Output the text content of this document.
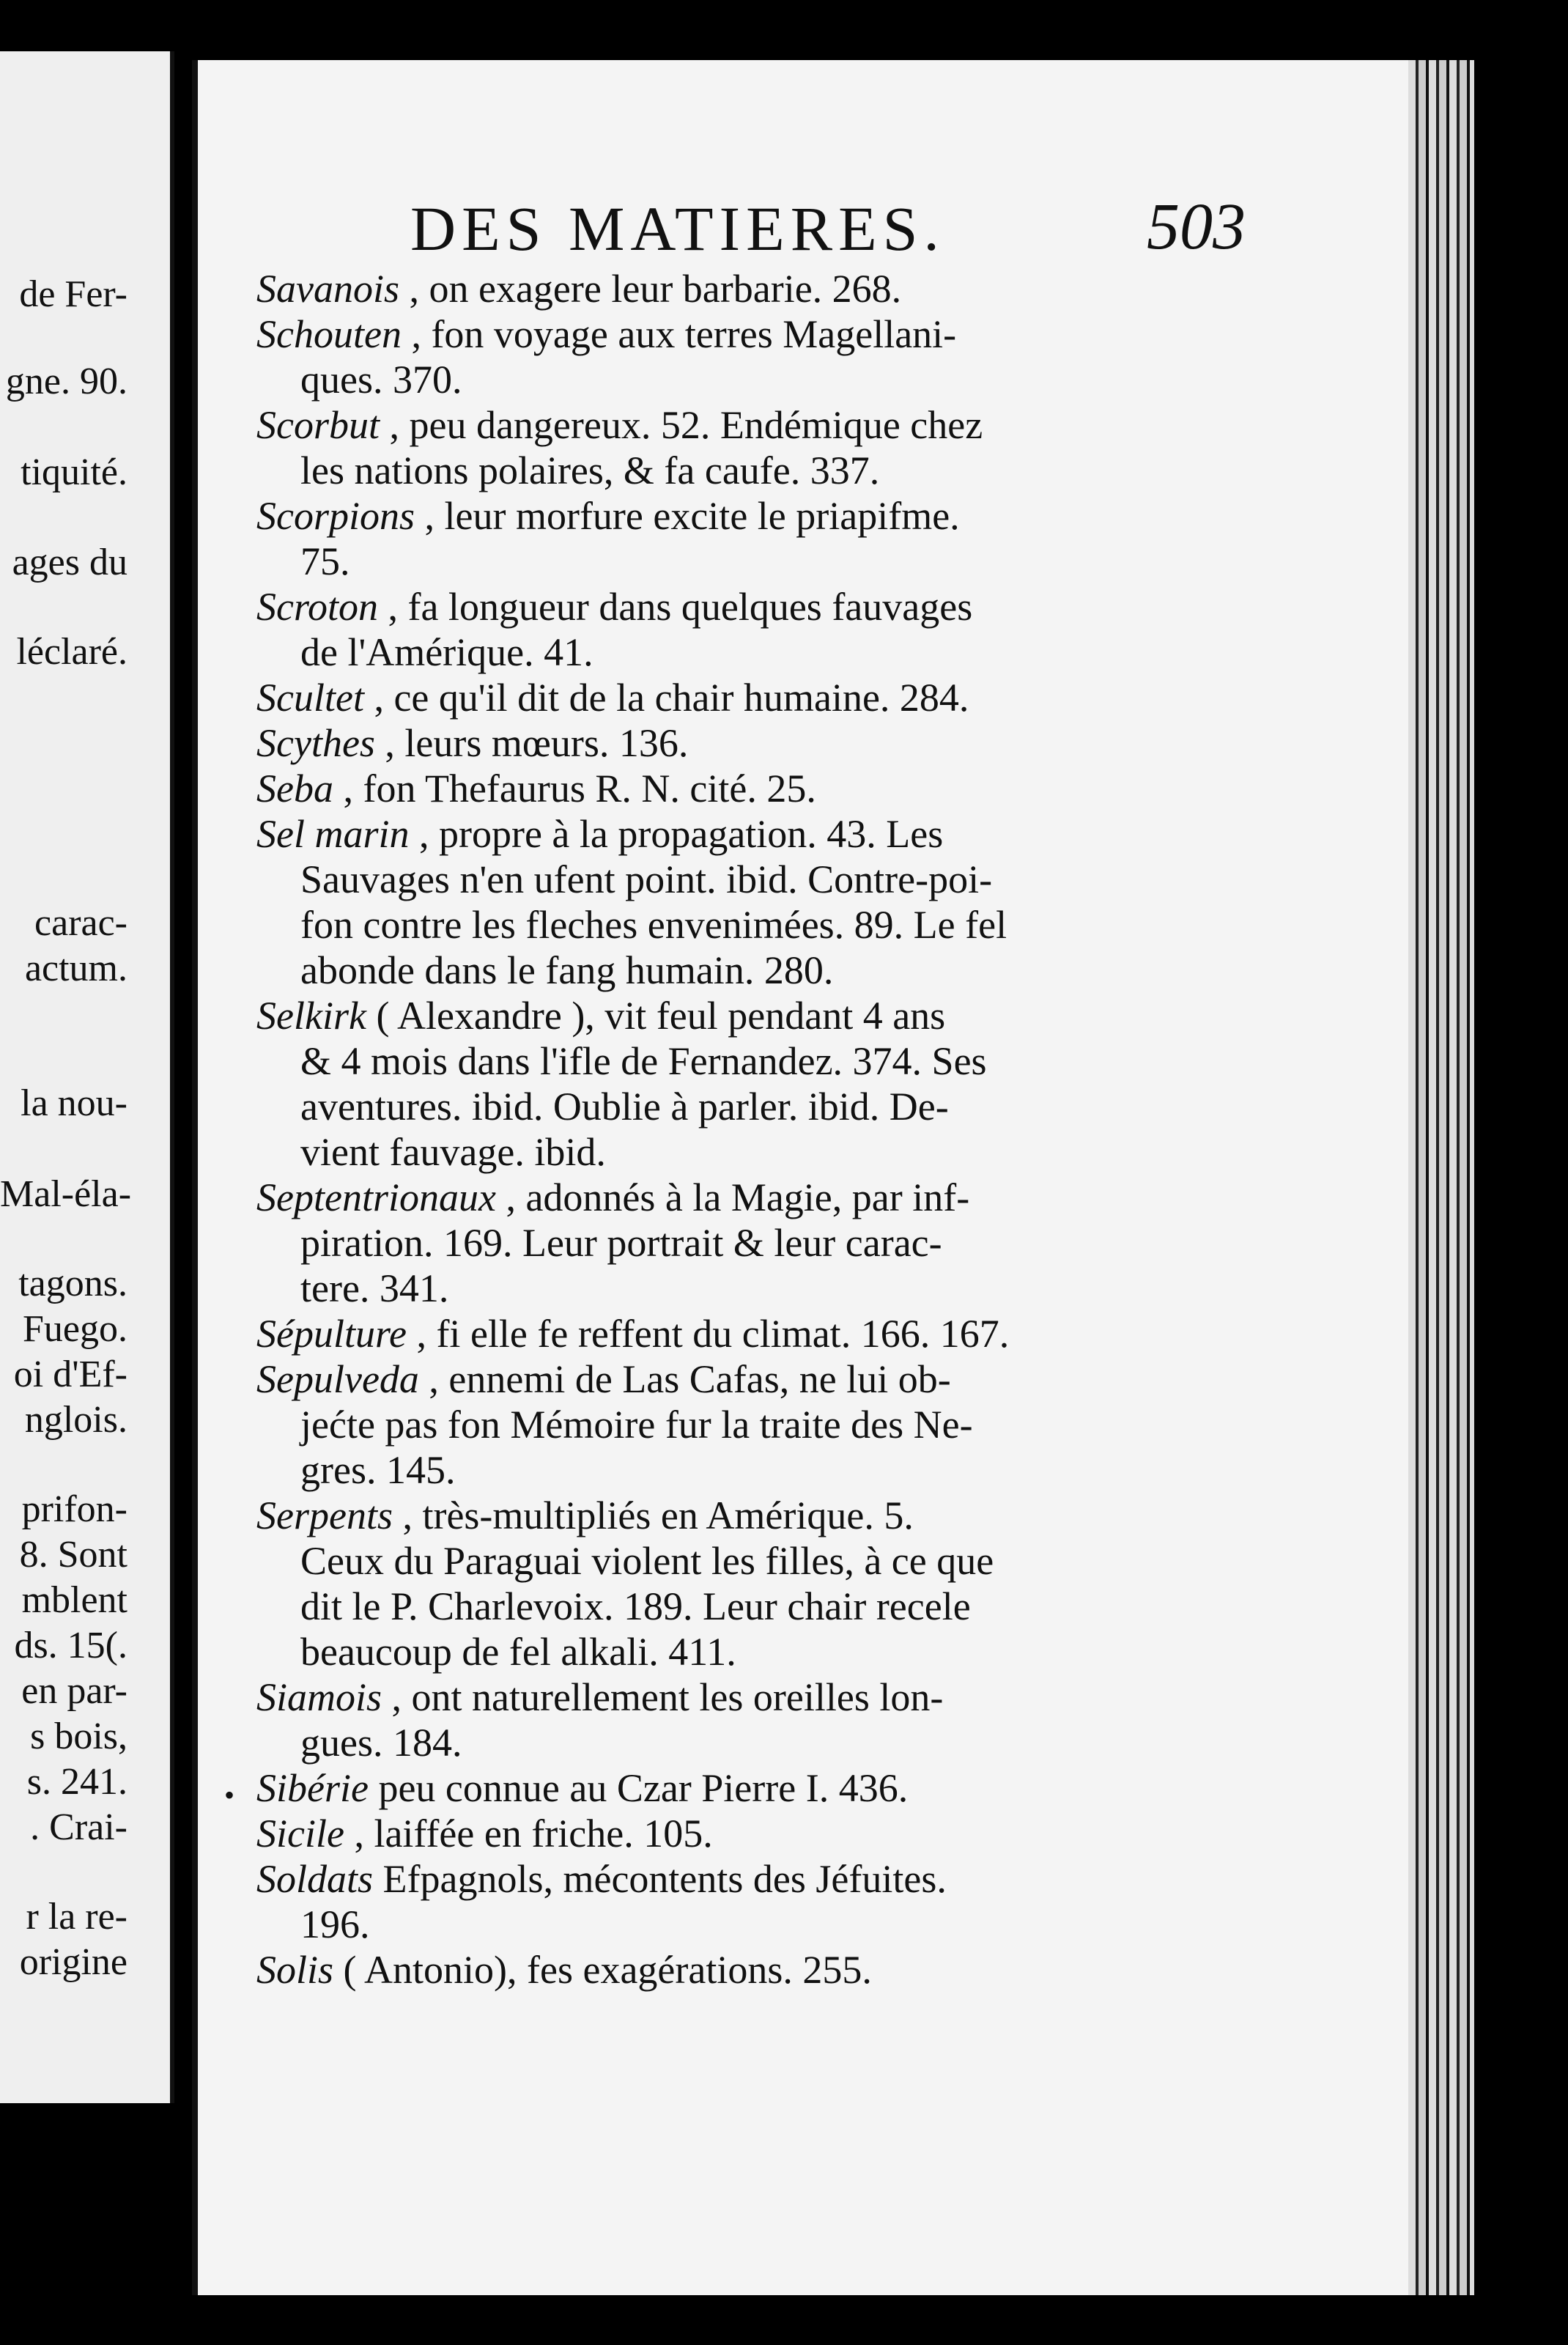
de Fer-
gne. 90.
tiquité.
ages du
léclaré.
carac-
actum.
la nou-
Mal-éla-
tagons.
Fuego.
oi d'Ef-
nglois.
prifon-
8. Sont
mblent
ds. 15(.
en par-
s bois,
s. 241.
. Crai-
r la re-
origine
DES MATIERES.	503
Savanois , on exagere leur barbarie. 268.
Schouten , fon voyage aux terres Magellani-
ques. 370.
Scorbut , peu dangereux. 52. Endémique chez
les nations polaires, & fa caufe. 337.
Scorpions , leur morfure excite le priapifme.
75.
Scroton , fa longueur dans quelques fauvages
de l'Amérique. 41.
Scultet , ce qu'il dit de la chair humaine. 284.
Scythes , leurs mœurs. 136.
Seba , fon Thefaurus R. N. cité. 25.
Sel marin , propre à la propagation. 43. Les
Sauvages n'en ufent point. ibid. Contre-poi-
fon contre les fleches envenimées. 89. Le fel
abonde dans le fang humain. 280.
Selkirk ( Alexandre ), vit feul pendant 4 ans
& 4 mois dans l'ifle de Fernandez. 374. Ses
aventures. ibid. Oublie à parler. ibid. De-
vient fauvage. ibid.
Septentrionaux , adonnés à la Magie, par inf-
piration. 169. Leur portrait & leur carac-
tere. 341.
Sépulture , fi elle fe reffent du climat. 166. 167.
Sepulveda , ennemi de Las Cafas, ne lui ob-
jećte pas fon Mémoire fur la traite des Ne-
gres. 145.
Serpents , très-multipliés en Amérique. 5.
Ceux du Paraguai violent les filles, à ce que
dit le P. Charlevoix. 189. Leur chair recele
beaucoup de fel alkali. 411.
Siamois , ont naturellement les oreilles lon-
gues. 184.
Sibérie peu connue au Czar Pierre I. 436.
Sicile , laiffée en friche. 105.
Soldats Efpagnols, mécontents des Jéfuites.
196.
Solis ( Antonio), fes exagérations. 255.
•
